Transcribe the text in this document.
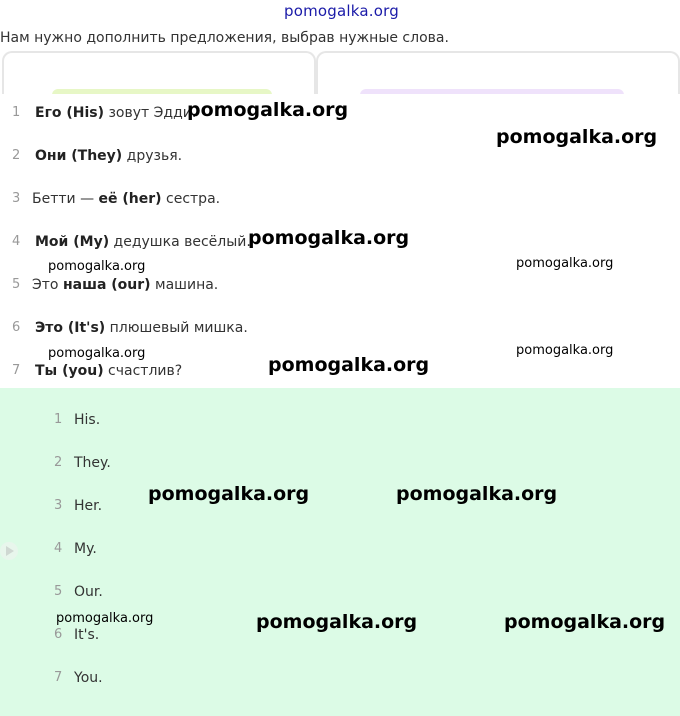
pomogalka.org
Нам нужно дополнить предложения, выбрав нужные слова.
1 Его (His) зовут Эдди.
2 Они (They) друзья.
3 Бетти — её (her) сестра.
4 Мой (My) дедушка весёлый.
5 Это наша (our) машина.
6 Это (It's) плюшевый мишка.
7 Ты (you) счастлив?
1 His.
2 They.
3 Her.
4 My.
5 Our.
6 It's.
7 You.
pomogalka.org
pomogalka.org
pomogalka.org
pomogalka.org	pomogalka.org
pomogalka.org	pomogalka.org
pomogalka.org
pomogalka.org	pomogalka.org
pomogalka.org	pomogalka.org	pomogalka.org
